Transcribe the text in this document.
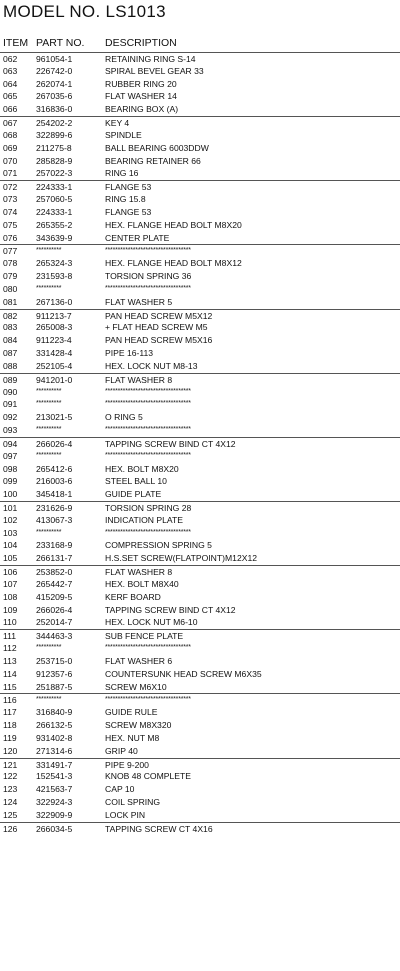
MODEL NO. LS1013
ITEM PART NO. DESCRIPTION
062 961054-1	RETAINING RING S-14
063 226742-0	SPIRAL BEVEL GEAR 33
064 262074-1	RUBBER RING 20
065 267035-6	FLAT WASHER 14
066 316836-0	BEARING BOX (A)
067 254202-2	KEY 4
068 322899-6	SPINDLE
069 211275-8	BALL BEARING 6003DDW
070 285828-9	BEARING RETAINER 66
071 257022-3	RING 16
072 224333-1	FLANGE 53
073 257060-5	RING 15.8
074 224333-1	FLANGE 53
075 265355-2	HEX. FLANGE HEAD BOLT M8X20
076 343639-9	CENTER PLATE
077	**********	**********************************
078 265324-3	HEX. FLANGE HEAD BOLT M8X12
079 231593-8	TORSION SPRING 36
080	**********	**********************************
081 267136-0	FLAT WASHER 5
082 911213-7	PAN HEAD SCREW M5X12
083 265008-3	+ FLAT HEAD SCREW M5
084 911223-4	PAN HEAD SCREW M5X16
087 331428-4	PIPE 16-113
088 252105-4	HEX. LOCK NUT M8-13
089 941201-0	FLAT WASHER 8
090	**********	**********************************
091	**********	**********************************
092 213021-5	O RING 5
093	**********	**********************************
094 266026-4	TAPPING SCREW BIND CT 4X12
097	**********	**********************************
098 265412-6	HEX. BOLT M8X20
099 216003-6	STEEL BALL 10
100 345418-1	GUIDE PLATE
101 231626-9	TORSION SPRING 28
102 413067-3	INDICATION PLATE
103	**********	**********************************
104 233168-9	COMPRESSION SPRING 5
105 266131-7	H.S.SET SCREW(FLATPOINT)M12X12
106 253852-0	FLAT WASHER 8
107 265442-7	HEX. BOLT M8X40
108 415209-5	KERF BOARD
109 266026-4	TAPPING SCREW BIND CT 4X12
110 252014-7	HEX. LOCK NUT M6-10
111 344463-3	SUB FENCE PLATE
112	**********	**********************************
113 253715-0	FLAT WASHER 6
114 912357-6	COUNTERSUNK HEAD SCREW M6X35
115 251887-5	SCREW M6X10
116	**********	**********************************
117 316840-9	GUIDE RULE
118 266132-5	SCREW M8X320
119 931402-8	HEX. NUT M8
120 271314-6	GRIP 40
121 331491-7	PIPE 9-200
122 152541-3	KNOB 48 COMPLETE
123 421563-7	CAP 10
124 322924-3	COIL SPRING
125 322909-9	LOCK PIN
126 266034-5	TAPPING SCREW CT 4X16
